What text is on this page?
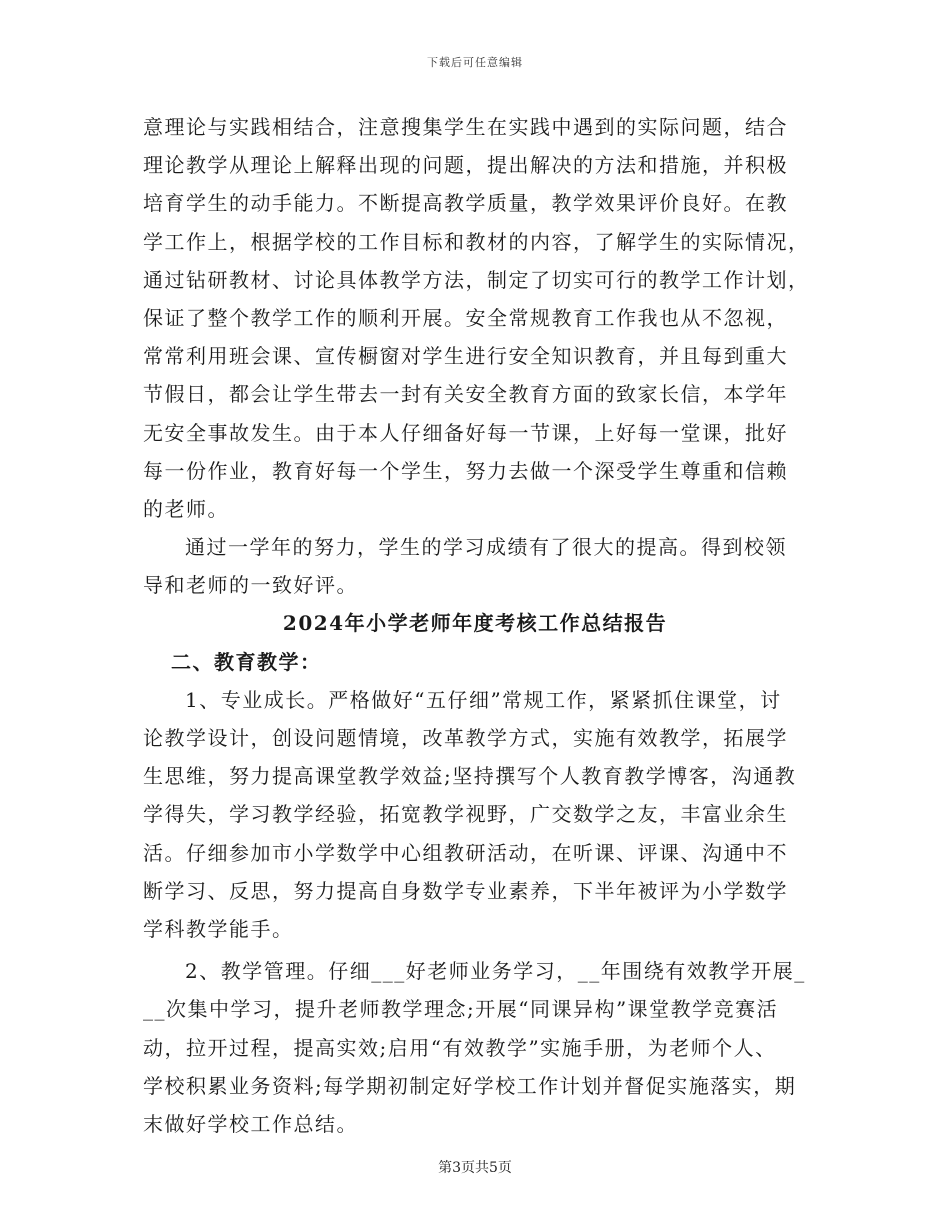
下载后可任意编辑
意理论与实践相结合，注意搜集学生在实践中遇到的实际问题，结合
理论教学从理论上解释出现的问题，提出解决的方法和措施，并积极
培育学生的动手能力。不断提高教学质量，教学效果评价良好。在教
学工作上，根据学校的工作目标和教材的内容，了解学生的实际情况，
通过钻研教材、讨论具体教学方法，制定了切实可行的教学工作计划，
保证了整个教学工作的顺利开展。安全常规教育工作我也从不忽视，
常常利用班会课、宣传橱窗对学生进行安全知识教育，并且每到重大
节假日，都会让学生带去一封有关安全教育方面的致家长信，本学年
无安全事故发生。由于本人仔细备好每一节课，上好每一堂课，批好
每一份作业，教育好每一个学生，努力去做一个深受学生尊重和信赖
的老师。
通过一学年的努力，学生的学习成绩有了很大的提高。得到校领
导和老师的一致好评。
2024年小学老师年度考核工作总结报告
二、教育教学：
1、专业成长。严格做好“五仔细”常规工作，紧紧抓住课堂，讨
论教学设计，创设问题情境，改革教学方式，实施有效教学，拓展学
生思维，努力提高课堂教学效益;坚持撰写个人教育教学博客，沟通教
学得失，学习教学经验，拓宽教学视野，广交数学之友，丰富业余生
活。仔细参加市小学数学中心组教研活动，在听课、评课、沟通中不
断学习、反思，努力提高自身数学专业素养，下半年被评为小学数学
学科教学能手。
2、教学管理。仔细___好老师业务学习，__年围绕有效教学开展_
__次集中学习，提升老师教学理念;开展“同课异构”课堂教学竞赛活
动，拉开过程，提高实效;启用“有效教学”实施手册，为老师个人、
学校积累业务资料;每学期初制定好学校工作计划并督促实施落实，期
末做好学校工作总结。
第3页共5页
